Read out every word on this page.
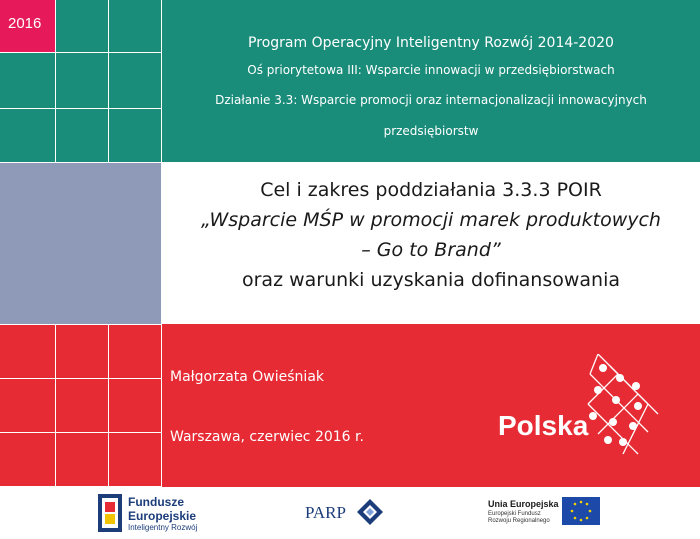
2016
Program Operacyjny Inteligentny Rozwój 2014-2020
Oś priorytetowa III: Wsparcie innowacji w przedsiębiorstwach
Działanie 3.3: Wsparcie promocji oraz internacjonalizacji innowacyjnych
przedsiębiorstw
Cel i zakres poddziałania 3.3.3 POIR
„Wsparcie MŚP w promocji marek produktowych
– Go to Brand”
oraz warunki uzyskania dofinansowania
Małgorzata Owieśniak
Warszawa, czerwiec 2016 r.	Polska
Fundusze
Europejskie
Inteligentny Rozwój
PARP	Unia Europejska
Europejski Fundusz
Rozwoju Regionalnego
